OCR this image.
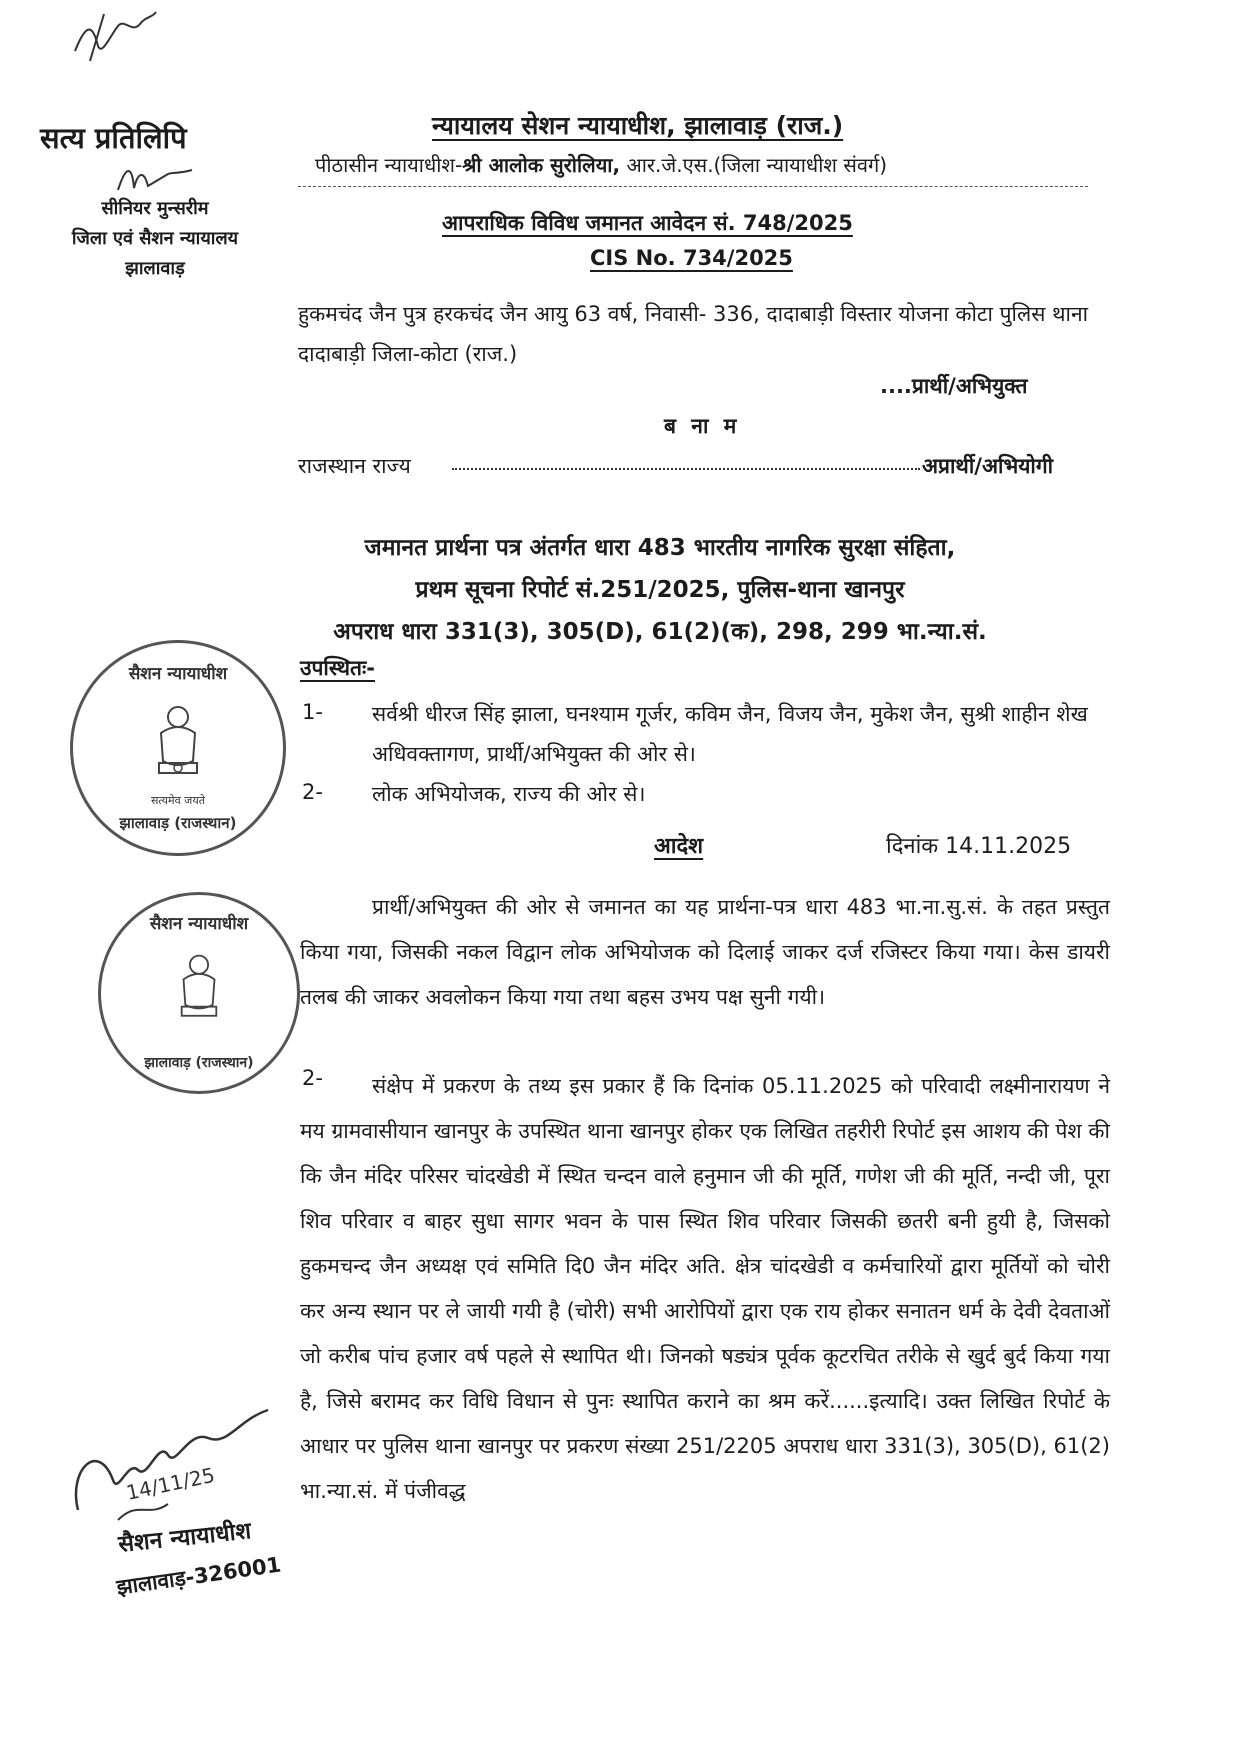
सत्य प्रतिलिपि
सीनियर मुन्सरीम
जिला एवं सैशन न्यायालय
झालावाड़
न्यायालय सेशन न्यायाधीश, झालावाड़ (राज.)
पीठासीन न्यायाधीश-श्री आलोक सुरोलिया, आर.जे.एस.(जिला न्यायाधीश संवर्ग)
आपराधिक विविध जमानत आवेदन सं. 748/2025
CIS No. 734/2025
हुकमचंद जैन पुत्र हरकचंद जैन आयु 63 वर्ष, निवासी- 336, दादाबाड़ी विस्तार योजना कोटा पुलिस थाना दादाबाड़ी जिला-कोटा (राज.)
....प्रार्थी/अभियुक्त
ब ना म
राजस्थान राज्य	अप्रार्थी/अभियोगी
जमानत प्रार्थना पत्र अंतर्गत धारा 483 भारतीय नागरिक सुरक्षा संहिता,
प्रथम सूचना रिपोर्ट सं.251/2025, पुलिस-थाना खानपुर
अपराध धारा 331(3), 305(D), 61(2)(क), 298, 299 भा.न्या.सं.
उपस्थितः-
1- सर्वश्री धीरज सिंह झाला, घनश्याम गूर्जर, कविम जैन, विजय जैन, मुकेश जैन, सुश्री शाहीन शेख अधिवक्तागण, प्रार्थी/अभियुक्त की ओर से।
2- लोक अभियोजक, राज्य की ओर से।
आदेश	दिनांक 14.11.2025
प्रार्थी/अभियुक्त की ओर से जमानत का यह प्रार्थना-पत्र धारा 483 भा.ना.सु.सं. के तहत प्रस्तुत किया गया, जिसकी नकल विद्वान लोक अभियोजक को दिलाई जाकर दर्ज रजिस्टर किया गया। केस डायरी तलब की जाकर अवलोकन किया गया तथा बहस उभय पक्ष सुनी गयी।
2-	संक्षेप में प्रकरण के तथ्य इस प्रकार हैं कि दिनांक 05.11.2025 को परिवादी लक्ष्मीनारायण ने मय ग्रामवासीयान खानपुर के उपस्थित थाना खानपुर होकर एक लिखित तहरीरी रिपोर्ट इस आशय की पेश की कि जैन मंदिर परिसर चांदखेडी में स्थित चन्दन वाले हनुमान जी की मूर्ति, गणेश जी की मूर्ति, नन्दी जी, पूरा शिव परिवार व बाहर सुधा सागर भवन के पास स्थित शिव परिवार जिसकी छतरी बनी हुयी है, जिसको हुकमचन्द जैन अध्यक्ष एवं समिति दि0 जैन मंदिर अति. क्षेत्र चांदखेडी व कर्मचारियों द्वारा मूर्तियों को चोरी कर अन्य स्थान पर ले जायी गयी है (चोरी) सभी आरोपियों द्वारा एक राय होकर सनातन धर्म के देवी देवताओं जो करीब पांच हजार वर्ष पहले से स्थापित थी। जिनको षड्यंत्र पूर्वक कूटरचित तरीके से खुर्द बुर्द किया गया है, जिसे बरामद कर विधि विधान से पुनः स्थापित कराने का श्रम करें......इत्यादि। उक्त लिखित रिपोर्ट के आधार पर पुलिस थाना खानपुर पर प्रकरण संख्या 251/2205 अपराध धारा 331(3), 305(D), 61(2) भा.न्या.सं. में पंजीवद्ध
सैशन न्यायाधीश
सत्यमेव जयते
झालावाड़ (राजस्थान)
सैशन न्यायाधीश
झालावाड़ (राजस्थान)
14/11/25
सैशन न्यायाधीश
झालावाड़-326001
